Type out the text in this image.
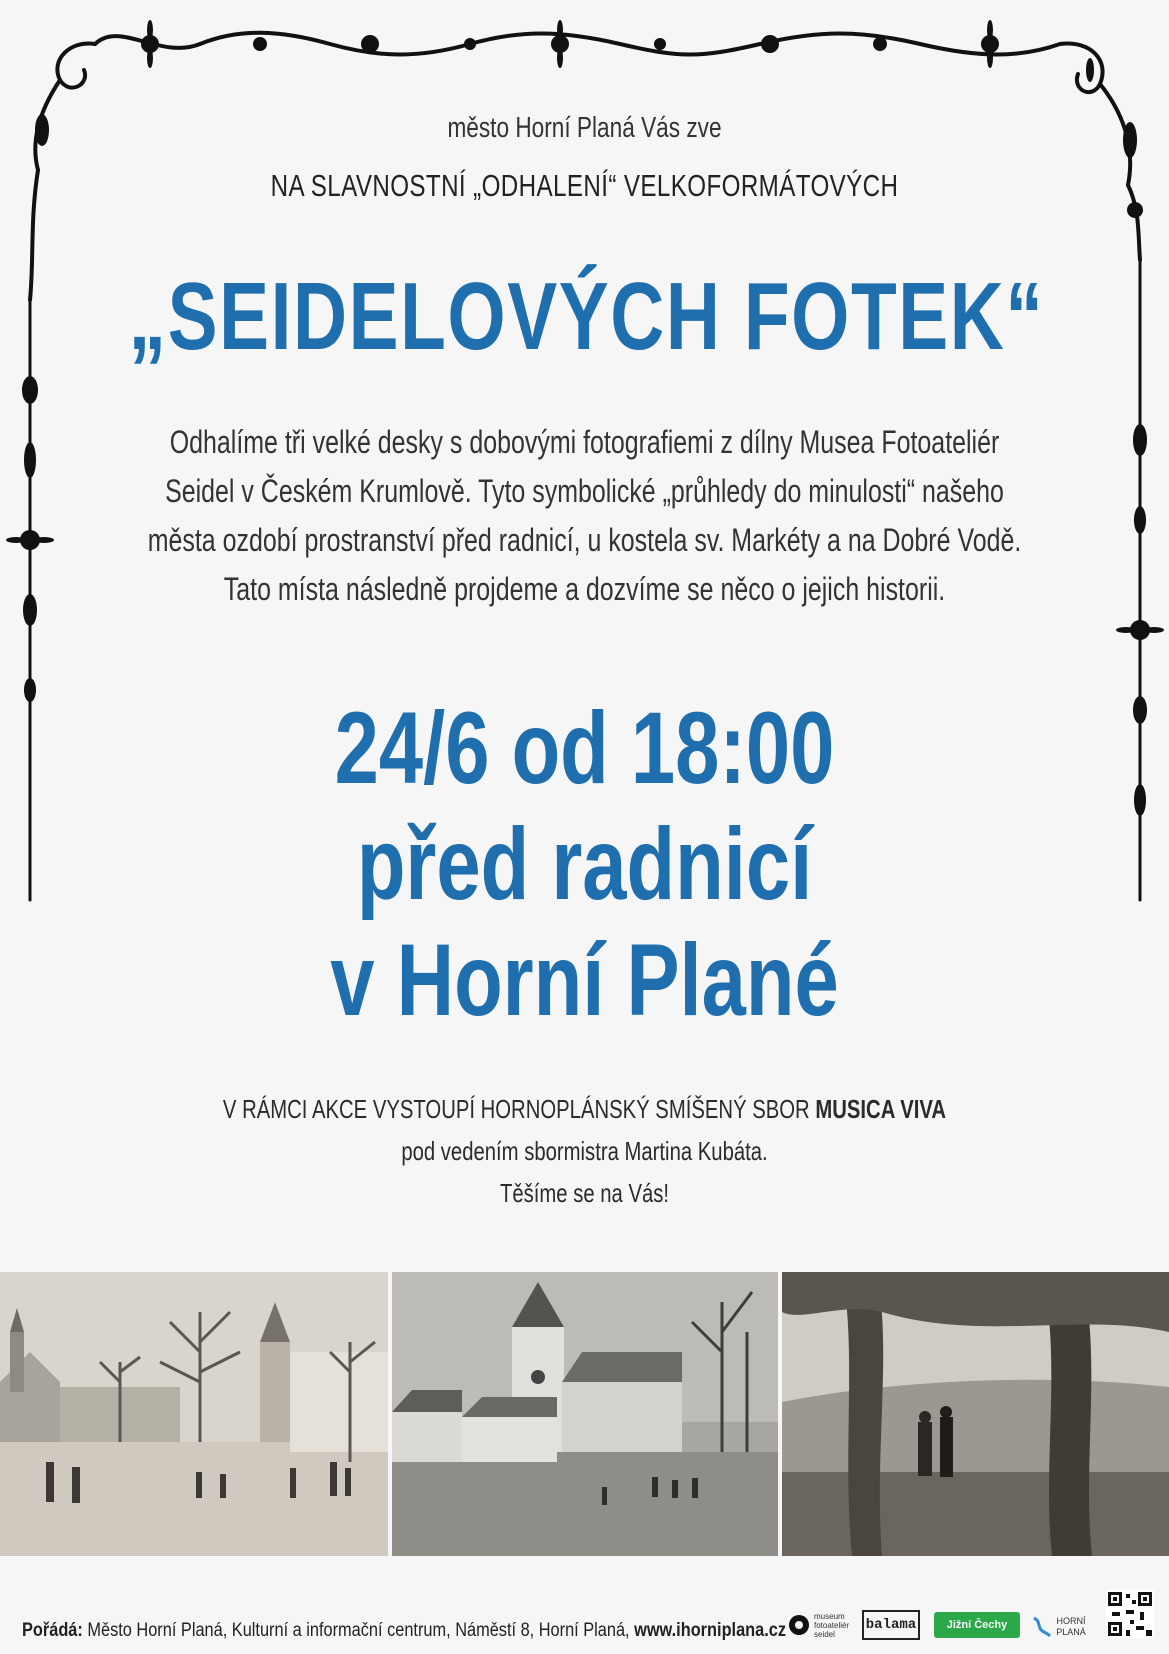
město Horní Planá Vás zve
NA SLAVNOSTNÍ „ODHALENÍ“ VELKOFORMÁTOVÝCH
„SEIDELOVÝCH FOTEK“
Odhalíme tři velké desky s dobovými fotografiemi z dílny Musea Fotoateliér
Seidel v Českém Krumlově. Tyto symbolické „průhledy do minulosti“ našeho
města ozdobí prostranství před radnicí, u kostela sv. Markéty a na Dobré Vodě.
Tato místa následně projdeme a dozvíme se něco o jejich historii.
24/6 od 18:00
před radnicí
v Horní Plané
V RÁMCI AKCE VYSTOUPÍ HORNOPLÁNSKÝ SMÍŠENÝ SBOR MUSICA VIVA
pod vedením sbormistra Martina Kubáta.
Těšíme se na Vás!
Pořádá: Město Horní Planá, Kulturní a informační centrum, Náměstí 8, Horní Planá, www.ihorniplana.cz
museum fotoateliér seidel
balama	Jižní Čechy	HORNÍ PLANÁ
